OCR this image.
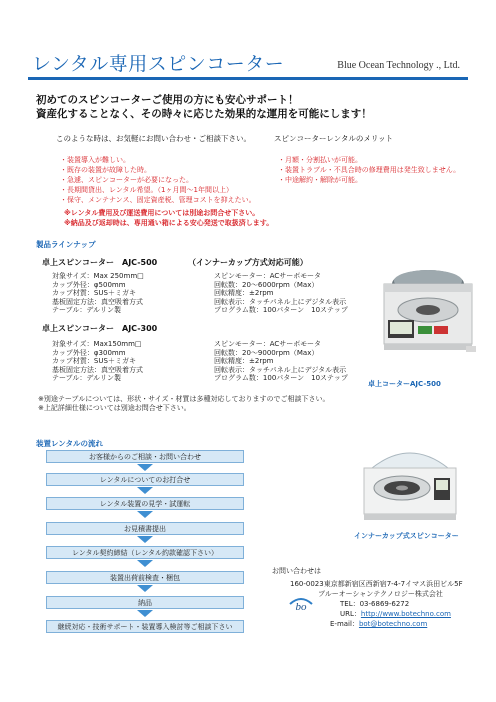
レンタル専用スピンコーター	Blue Ocean Technology ., Ltd.
初めてのスピンコーターご使用の方にも安心サポート！
資産化することなく、その時々に応じた効果的な運用を可能にします！
このような時は、お気軽にお問い合わせ・ご相談下さい。	スピンコーターレンタルのメリット
・装置導入が難しい。
・既存の装置が故障した時。
・急遽、スピンコーターが必要になった。
・長期間貸出、レンタル希望。（1ヶ月間～1年間以上）
・保守、メンテナンス、固定資産税、管理コストを抑えたい。
・月額・分割払いが可能。
・装置トラブル・不具合時の修理費用は発生致しません。
・中途解約・解除が可能。
※レンタル費用及び運送費用については別途お問合せ下さい。
※納品及び返却時は、専用通い箱による安心発送で取扱済します。
製品ラインナップ
卓上スピンコーター　AJC-500	（インナーカップ方式対応可能）
対象サイズ：Max 250mm□
カップ外径：φ500mm
カップ材質：SUS＋ミガキ
基板固定方法：真空吸着方式
テーブル：デルリン製
スピンモーター：ACサーボモータ
回転数：20～6000rpm（Max）
回転精度：±2rpm
回転表示：タッチパネル上にデジタル表示
プログラム数：100パターン　10ステップ
卓上スピンコーター　AJC-300
対象サイズ：Max150mm□
カップ外径：φ300mm
カップ材質：SUS＋ミガキ
基板固定方法：真空吸着方式
テーブル：デルリン製
スピンモーター：ACサーボモータ
回転数：20～9000rpm（Max）
回転精度：±2rpm
回転表示：タッチパネル上にデジタル表示
プログラム数：100パターン　10ステップ
卓上コーターAJC-500
※別途テーブルについては、形状・サイズ・材質は多種対応しておりますのでご相談下さい。
※上記詳細仕様については別途お問合せ下さい。
装置レンタルの流れ
お客様からのご相談・お問い合わせ
レンタルについてのお打合せ
レンタル装置の見学・試運転
お見積書提出
レンタル契約締結（レンタル約款確認下さい）
装置出荷前検査・梱包
納品
継続対応・技術サポート・装置導入検討等ご相談下さい
インナーカップ式スピンコーター
お問い合わせは
160-0023東京都新宿区西新宿7-4-7イマス浜田ビル5F
bo
ブルーオーシャンテクノロジー株式会社
TEL：03-6869-6272
URL：http://www.botechno.com
E-mail：bot@botechno.com
